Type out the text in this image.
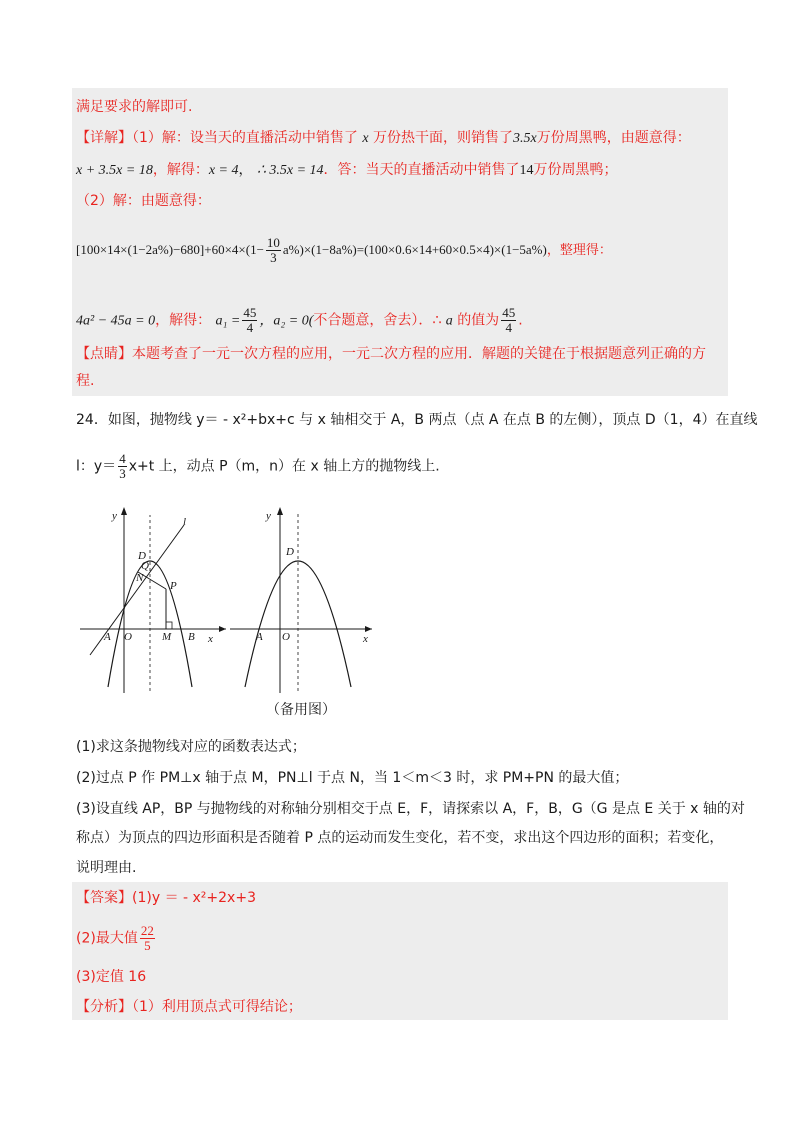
满足要求的解即可.
【详解】（1）解：设当天的直播活动中销售了 x 万份热干面，则销售了3.5x万份周黑鸭，由题意得：
x + 3.5x = 18，解得：x = 4， ∴ 3.5x = 14．答：当天的直播活动中销售了14万份周黑鸭；
（2）解：由题意得：
$[100\times 14\times(1-2a\%)-680]+60\times 4\times(1- \frac{10}{3} a\%)\times(1-8a\%)=(100\times 0.6\times 14+60\times 0.5\times 4)\times(1-5a\%)$，整理得：
4a² − 45a = 0，解得： $a_1 = \frac{45}{4}$ ，a₂ = 0(不合题意，舍去）．∴ a 的值为 $\frac{45}{4}$ .
【点睛】本题考查了一元一次方程的应用，一元二次方程的应用．解题的关键在于根据题意列正确的方
程.
24．如图，抛物线 y＝ - x²+bx+c 与 x 轴相交于 A，B 两点（点 A 在点 B 的左侧），顶点 D（1，4）在直线
l：$y= \frac{4}{3} x+t$ 上，动点 P（m，n）在 x 轴上方的抛物线上.
l
y
x
A O	M B
D
Q
N
P
y
x
A O
D
（备用图）
(1)求这条抛物线对应的函数表达式；
(2)过点 P 作 PM⊥x 轴于点 M，PN⊥l 于点 N，当 1＜m＜3 时，求 PM+PN 的最大值；
(3)设直线 AP，BP 与抛物线的对称轴分别相交于点 E，F，请探索以 A，F，B，G（G 是点 E 关于 x 轴的对
称点）为顶点的四边形面积是否随着 P 点的运动而发生变化，若不变，求出这个四边形的面积；若变化，
说明理由.
【答案】(1)y ＝ - x²+2x+3
(2)最大值 $\frac{22}{5}$
(3)定值 16
【分析】（1）利用顶点式可得结论；
